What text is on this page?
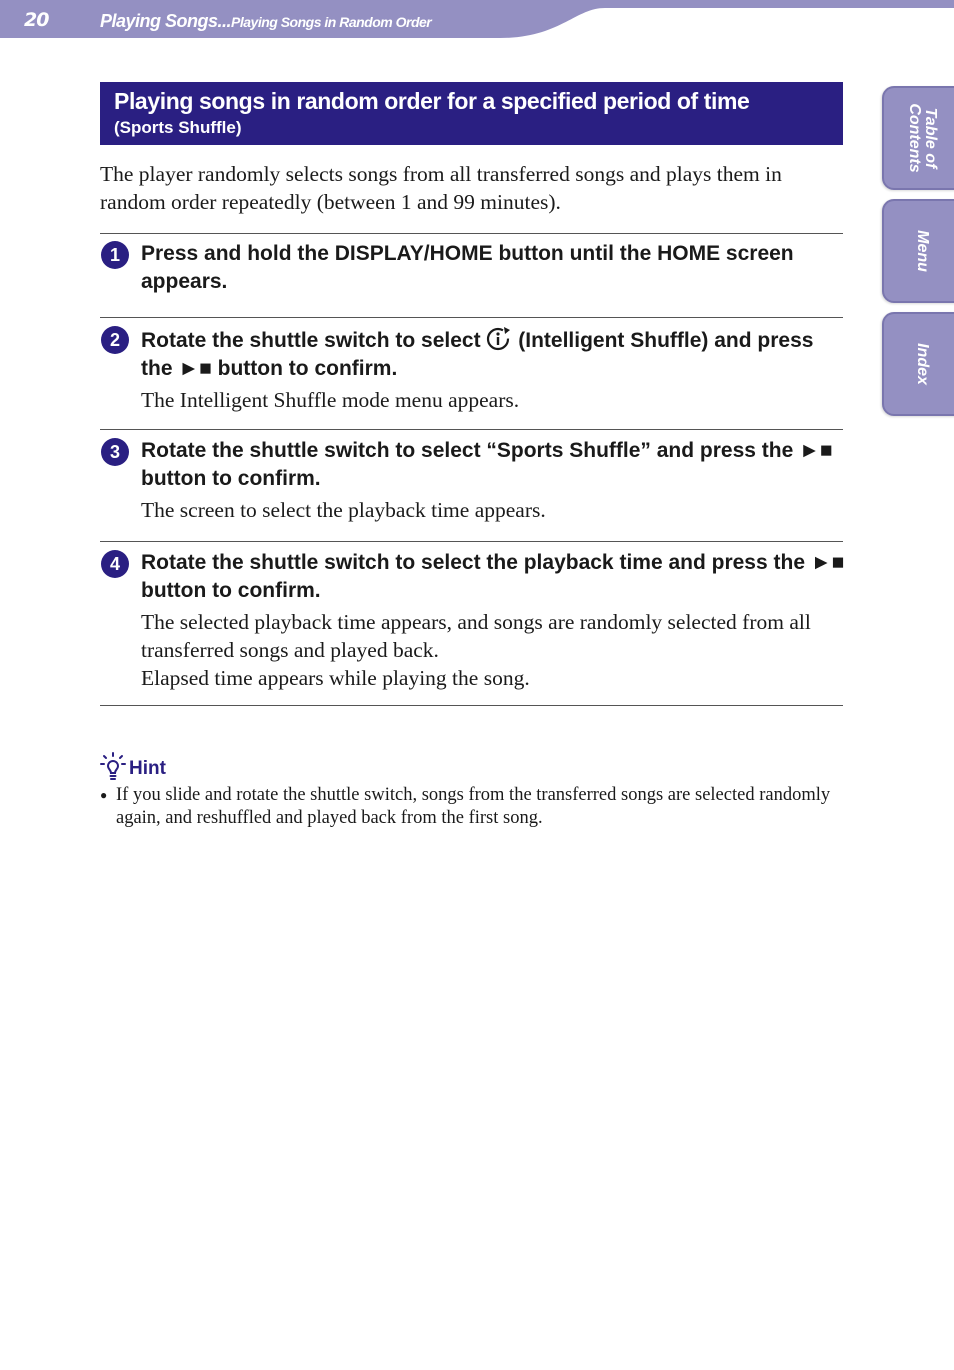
20	Playing Songs...Playing Songs in Random Order
Table of Contents
Menu
Index
Playing songs in random order for a specified period of time
(Sports Shuffle)
The player randomly selects songs from all transferred songs and plays them in random order repeatedly (between 1 and 99 minutes).
1	Press and hold the DISPLAY/HOME button until the HOME screen appears.
2	Rotate the shuttle switch to select (Intelligent Shuffle) and press the ►■ button to confirm.

The Intelligent Shuffle mode menu appears.

3	Rotate the shuttle switch to select “Sports Shuffle” and press the ►■ button to confirm.

The screen to select the playback time appears.

4	Rotate the shuttle switch to select the playback time and press the ►■ button to confirm.

The selected playback time appears, and songs are randomly selected from all transferred songs and played back.

Elapsed time appears while playing the song.

Hint
● If you slide and rotate the shuttle switch, songs from the transferred songs are selected randomly again, and reshuffled and played back from the first song.
